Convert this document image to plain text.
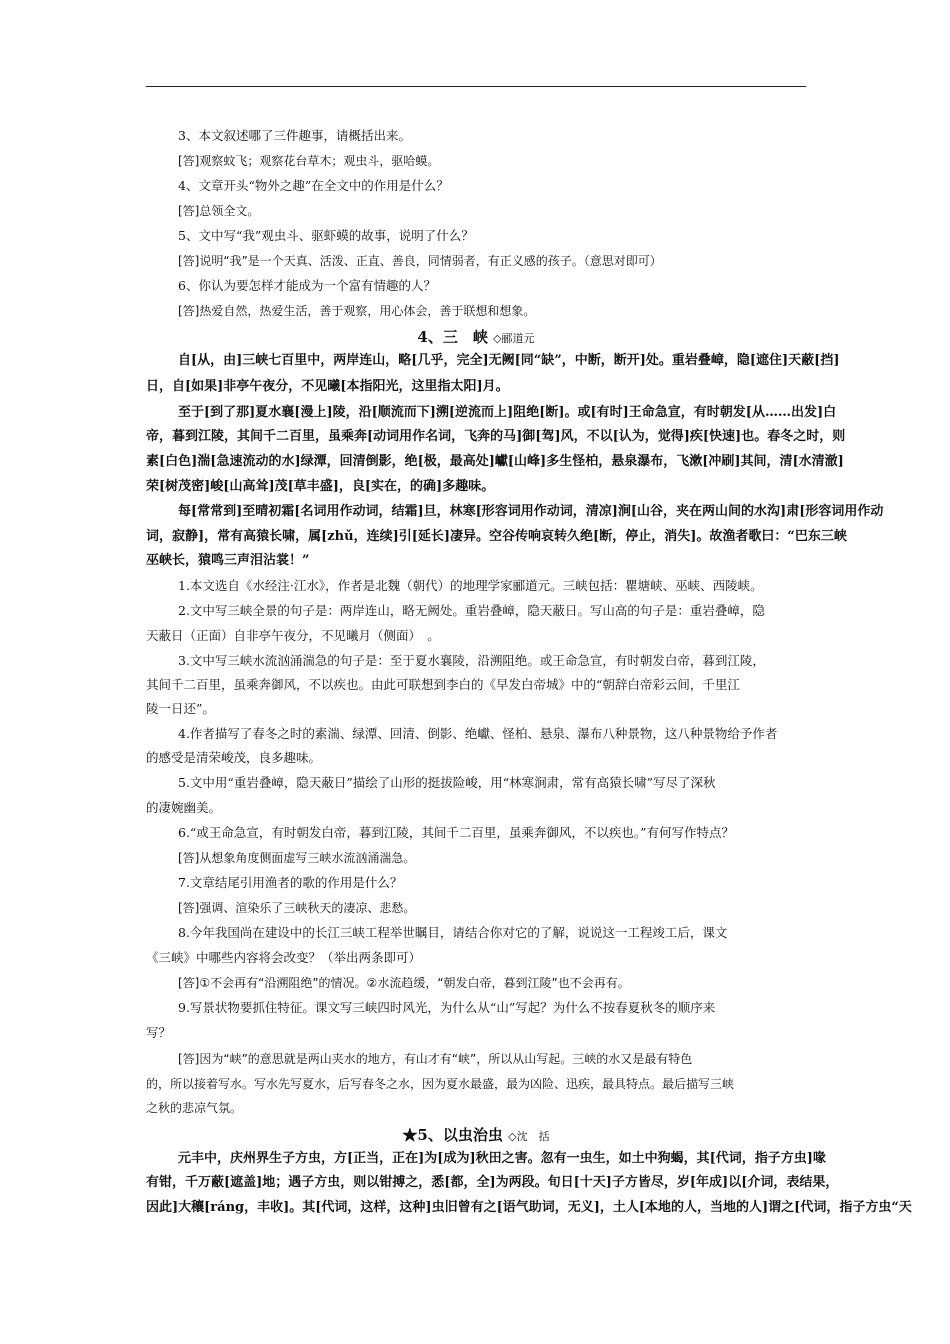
3、本文叙述哪了三件趣事，请概括出来。
[答]观察蚊飞；观察花台草木；观虫斗，驱哈蟆。
4、文章开头“物外之趣”在全文中的作用是什么？
[答]总领全文。
5、文中写“我”观虫斗、驱虾蟆的故事，说明了什么？
[答]说明“我”是一个天真、活泼、正直、善良，同情弱者，有正义感的孩子。（意思对即可）
6、你认为要怎样才能成为一个富有情趣的人？
[答]热爱自然，热爱生活，善于观察，用心体会，善于联想和想象。
4、三　峡 ◇郦道元
自[从，由]三峡七百里中，两岸连山，略[几乎，完全]无阙[同“缺”，中断，断开]处。重岩叠嶂，隐[遮住]天蔽[挡]
日，自[如果]非亭午夜分，不见曦[本指阳光，这里指太阳]月。
至于[到了那]夏水襄[漫上]陵，沿[顺流而下]溯[逆流而上]阻绝[断]。或[有时]王命急宣，有时朝发[从……出发]白
帝，暮到江陵，其间千二百里，虽乘奔[动词用作名词，飞奔的马]御[驾]风，不以[认为，觉得]疾[快速]也。春冬之时，则
素[白色]湍[急速流动的水]绿潭，回清倒影，绝[极，最高处]巘[山峰]多生怪柏，悬泉瀑布，飞漱[冲刷]其间，清[水清澈]
荣[树茂密]峻[山高耸]茂[草丰盛]，良[实在，的确]多趣味。
每[常常到]至晴初霜[名词用作动词，结霜]旦，林寒[形容词用作动词，清凉]涧[山谷，夹在两山间的水沟]肃[形容词用作动
词，寂静]，常有高猿长啸，属[zhǔ，连续]引[延长]凄异。空谷传响哀转久绝[断，停止，消失]。故渔者歌曰：“巴东三峡
巫峡长，猿鸣三声泪沾裳！”
1.本文选自《水经注·江水》，作者是北魏（朝代）的地理学家郦道元。三峡包括：瞿塘峡、巫峡、西陵峡。
2.文中写三峡全景的句子是：两岸连山，略无阙处。重岩叠嶂，隐天蔽日。写山高的句子是：重岩叠嶂，隐
天蔽日（正面）自非亭午夜分，不见曦月（侧面）　。
3.文中写三峡水流汹涌湍急的句子是：至于夏水襄陵，沿溯阻绝。或王命急宣，有时朝发白帝，暮到江陵，
其间千二百里，虽乘奔御风，不以疾也。由此可联想到李白的《早发白帝城》中的“朝辞白帝彩云间，千里江
陵一日还”。
4.作者描写了春冬之时的素湍、绿潭、回清、倒影、绝巘、怪柏、悬泉、瀑布八种景物，这八种景物给予作者
的感受是清荣峻茂，良多趣味。
5.文中用“重岩叠嶂，隐天蔽日”描绘了山形的挺拔险峻，用“林寒涧肃，常有高猿长啸”写尽了深秋
的凄婉幽美。
6.“或王命急宣，有时朝发白帝，暮到江陵，其间千二百里，虽乘奔御风，不以疾也。”有何写作特点？
[答]从想象角度侧面虚写三峡水流汹涌湍急。
7.文章结尾引用渔者的歌的作用是什么？
[答]强调、渲染乐了三峡秋天的凄凉、悲愁。
8.今年我国尚在建设中的长江三峡工程举世瞩目，请结合你对它的了解，说说这一工程竣工后，课文
《三峡》中哪些内容将会改变？（举出两条即可）
[答]①不会再有“沿溯阻绝”的情况。②水流趋缓，“朝发白帝，暮到江陵”也不会再有。
9.写景状物要抓住特征。课文写三峡四时风光，为什么从“山”写起？为什么不按春夏秋冬的顺序来
写？
[答]因为“峡”的意思就是两山夹水的地方，有山才有“峡”，所以从山写起。三峡的水又是最有特色
的，所以接着写水。写水先写夏水，后写春冬之水，因为夏水最盛，最为凶险、迅疾，最具特点。最后描写三峡
之秋的悲凉气氛。
★5、以虫治虫 ◇沈　括
元丰中，庆州界生子方虫，方[正当，正在]为[成为]秋田之害。忽有一虫生，如土中狗蝎，其[代词，指子方虫]喙
有钳，千万蔽[遮盖]地；遇子方虫，则以钳搏之，悉[都，全]为两段。旬日[十天]子方皆尽，岁[年成]以[介词，表结果，
因此]大穰[ráng，丰收]。其[代词，这样，这种]虫旧曾有之[语气助词，无义]，土人[本地的人，当地的人]谓之[代词，指子方虫“天
